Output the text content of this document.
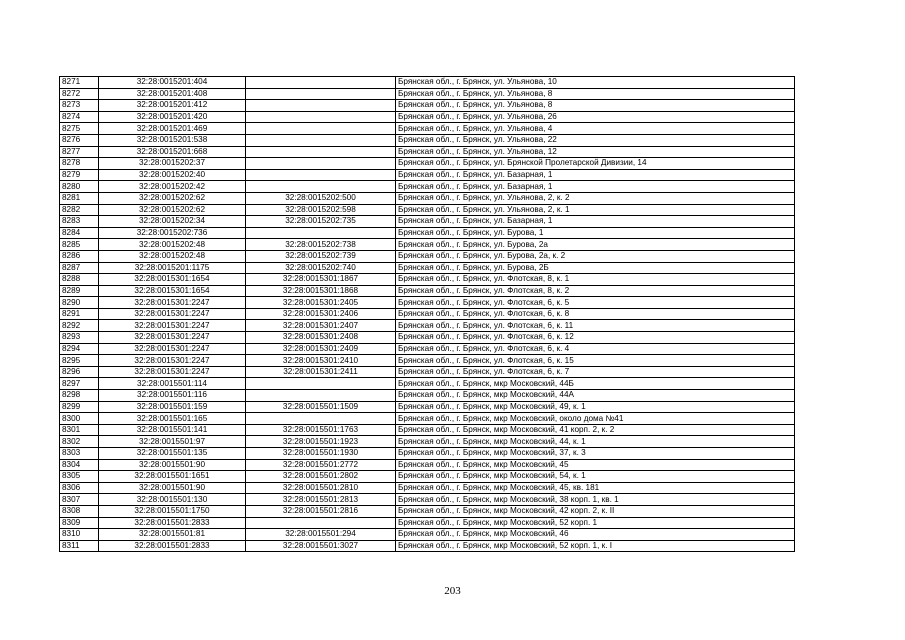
8271	32:28:0015201:404		Брянская обл., г. Брянск, ул. Ульянова, 10
8272	32:28:0015201:408		Брянская обл., г. Брянск, ул. Ульянова, 8
8273	32:28:0015201:412		Брянская обл., г. Брянск, ул. Ульянова, 8
8274	32:28:0015201:420		Брянская обл., г. Брянск, ул. Ульянова, 26
8275	32:28:0015201:469		Брянская обл., г. Брянск, ул. Ульянова, 4
8276	32:28:0015201:538		Брянская обл., г. Брянск, ул. Ульянова, 22
8277	32:28:0015201:668		Брянская обл., г. Брянск, ул. Ульянова, 12
8278	32:28:0015202:37		Брянская обл., г. Брянск, ул. Брянской Пролетарской Дивизии, 14
8279	32:28:0015202:40		Брянская обл., г. Брянск, ул. Базарная, 1
8280	32:28:0015202:42		Брянская обл., г. Брянск, ул. Базарная, 1
8281	32:28:0015202:62	32:28:0015202:500	Брянская обл., г. Брянск, ул. Ульянова, 2, к. 2
8282	32:28:0015202:62	32:28:0015202:598	Брянская обл., г. Брянск, ул. Ульянова, 2, к. 1
8283	32:28:0015202:34	32:28:0015202:735	Брянская обл., г. Брянск, ул. Базарная, 1
8284	32:28:0015202:736		Брянская обл., г. Брянск, ул. Бурова, 1
8285	32:28:0015202:48	32:28:0015202:738	Брянская обл., г. Брянск, ул. Бурова, 2а
8286	32:28:0015202:48	32:28:0015202:739	Брянская обл., г. Брянск, ул. Бурова, 2а, к. 2
8287	32:28:0015201:1175	32:28:0015202:740	Брянская обл., г. Брянск, ул. Бурова, 2Б
8288	32:28:0015301:1654	32:28:0015301:1867	Брянская обл., г. Брянск, ул. Флотская, 8, к. 1
8289	32:28:0015301:1654	32:28:0015301:1868	Брянская обл., г. Брянск, ул. Флотская, 8, к. 2
8290	32:28:0015301:2247	32:28:0015301:2405	Брянская обл., г. Брянск, ул. Флотская, 6, к. 5
8291	32:28:0015301:2247	32:28:0015301:2406	Брянская обл., г. Брянск, ул. Флотская, 6, к. 8
8292	32:28:0015301:2247	32:28:0015301:2407	Брянская обл., г. Брянск, ул. Флотская, 6, к. 11
8293	32:28:0015301:2247	32:28:0015301:2408	Брянская обл., г. Брянск, ул. Флотская, 6, к. 12
8294	32:28:0015301:2247	32:28:0015301:2409	Брянская обл., г. Брянск, ул. Флотская, 6, к. 4
8295	32:28:0015301:2247	32:28:0015301:2410	Брянская обл., г. Брянск, ул. Флотская, 6, к. 15
8296	32:28:0015301:2247	32:28:0015301:2411	Брянская обл., г. Брянск, ул. Флотская, 6, к. 7
8297	32:28:0015501:114		Брянская обл., г. Брянск, мкр Московский, 44Б
8298	32:28:0015501:116		Брянская обл., г. Брянск, мкр Московский, 44А
8299	32:28:0015501:159	32:28:0015501:1509	Брянская обл., г. Брянск, мкр Московский, 49, к. 1
8300	32:28:0015501:165		Брянская обл., г. Брянск, мкр Московский, около дома №41
8301	32:28:0015501:141	32:28:0015501:1763	Брянская обл., г. Брянск, мкр Московский, 41 корп. 2, к. 2
8302	32:28:0015501:97	32:28:0015501:1923	Брянская обл., г. Брянск, мкр Московский, 44, к. 1
8303	32:28:0015501:135	32:28:0015501:1930	Брянская обл., г. Брянск, мкр Московский, 37, к. 3
8304	32:28:0015501:90	32:28:0015501:2772	Брянская обл., г. Брянск, мкр Московский, 45
8305	32:28:0015501:1651	32:28:0015501:2802	Брянская обл., г. Брянск, мкр Московский, 54, к. 1
8306	32:28:0015501:90	32:28:0015501:2810	Брянская обл., г. Брянск, мкр Московский, 45, кв. 181
8307	32:28:0015501:130	32:28:0015501:2813	Брянская обл., г. Брянск, мкр Московский, 38 корп. 1, кв. 1
8308	32:28:0015501:1750	32:28:0015501:2816	Брянская обл., г. Брянск, мкр Московский, 42 корп. 2, к. II
8309	32:28:0015501:2833		Брянская обл., г. Брянск, мкр Московский, 52 корп. 1
8310	32:28:0015501:81	32:28:0015501:294	Брянская обл., г. Брянск, мкр Московский, 46
8311	32:28:0015501:2833	32:28:0015501:3027	Брянская обл., г. Брянск, мкр Московский, 52 корп. 1, к. I
203
